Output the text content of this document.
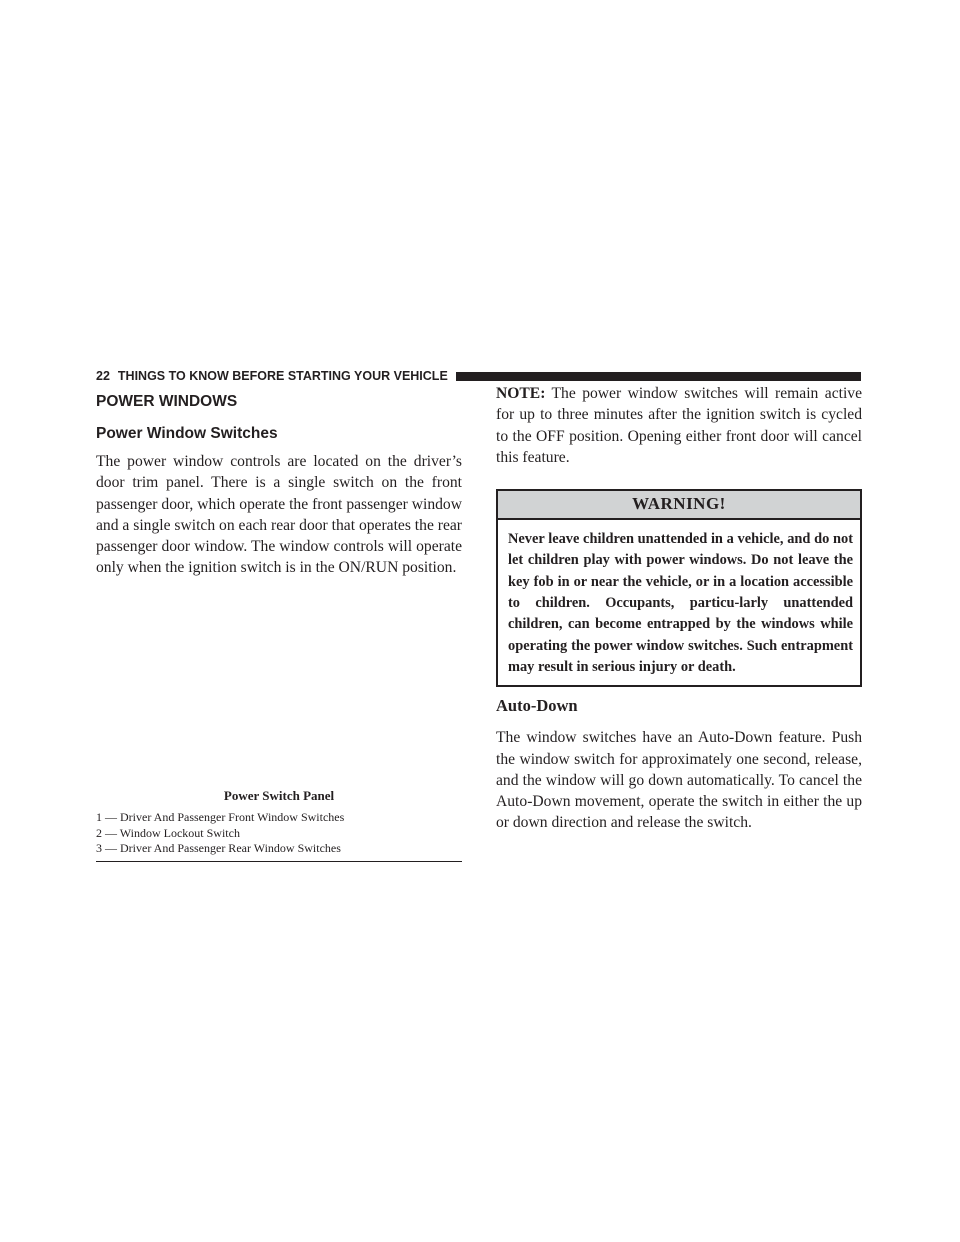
22 THINGS TO KNOW BEFORE STARTING YOUR VEHICLE
POWER WINDOWS
Power Window Switches

The power window controls are located on the driver’s door trim panel. There is a single switch on the front passenger door, which operate the front passenger window and a single switch on each rear door that operates the rear passenger door window. The window controls will operate only when the ignition switch is in the ON/RUN position.

Power Switch Panel
1 — Driver And Passenger Front Window Switches
2 — Window Lockout Switch
3 — Driver And Passenger Rear Window Switches

NOTE: The power window switches will remain active for up to three minutes after the ignition switch is cycled to the OFF position. Opening either front door will cancel this feature.

WARNING!
Never leave children unattended in a vehicle, and do not let children play with power windows. Do not leave the key fob in or near the vehicle, or in a location accessible to children. Occupants, particu-larly unattended children, can become entrapped by the windows while operating the power window switches. Such entrapment may result in serious injury or death.
Auto-Down

The window switches have an Auto-Down feature. Push the window switch for approximately one second, release, and the window will go down automatically. To cancel the Auto-Down movement, operate the switch in either the up or down direction and release the switch.
